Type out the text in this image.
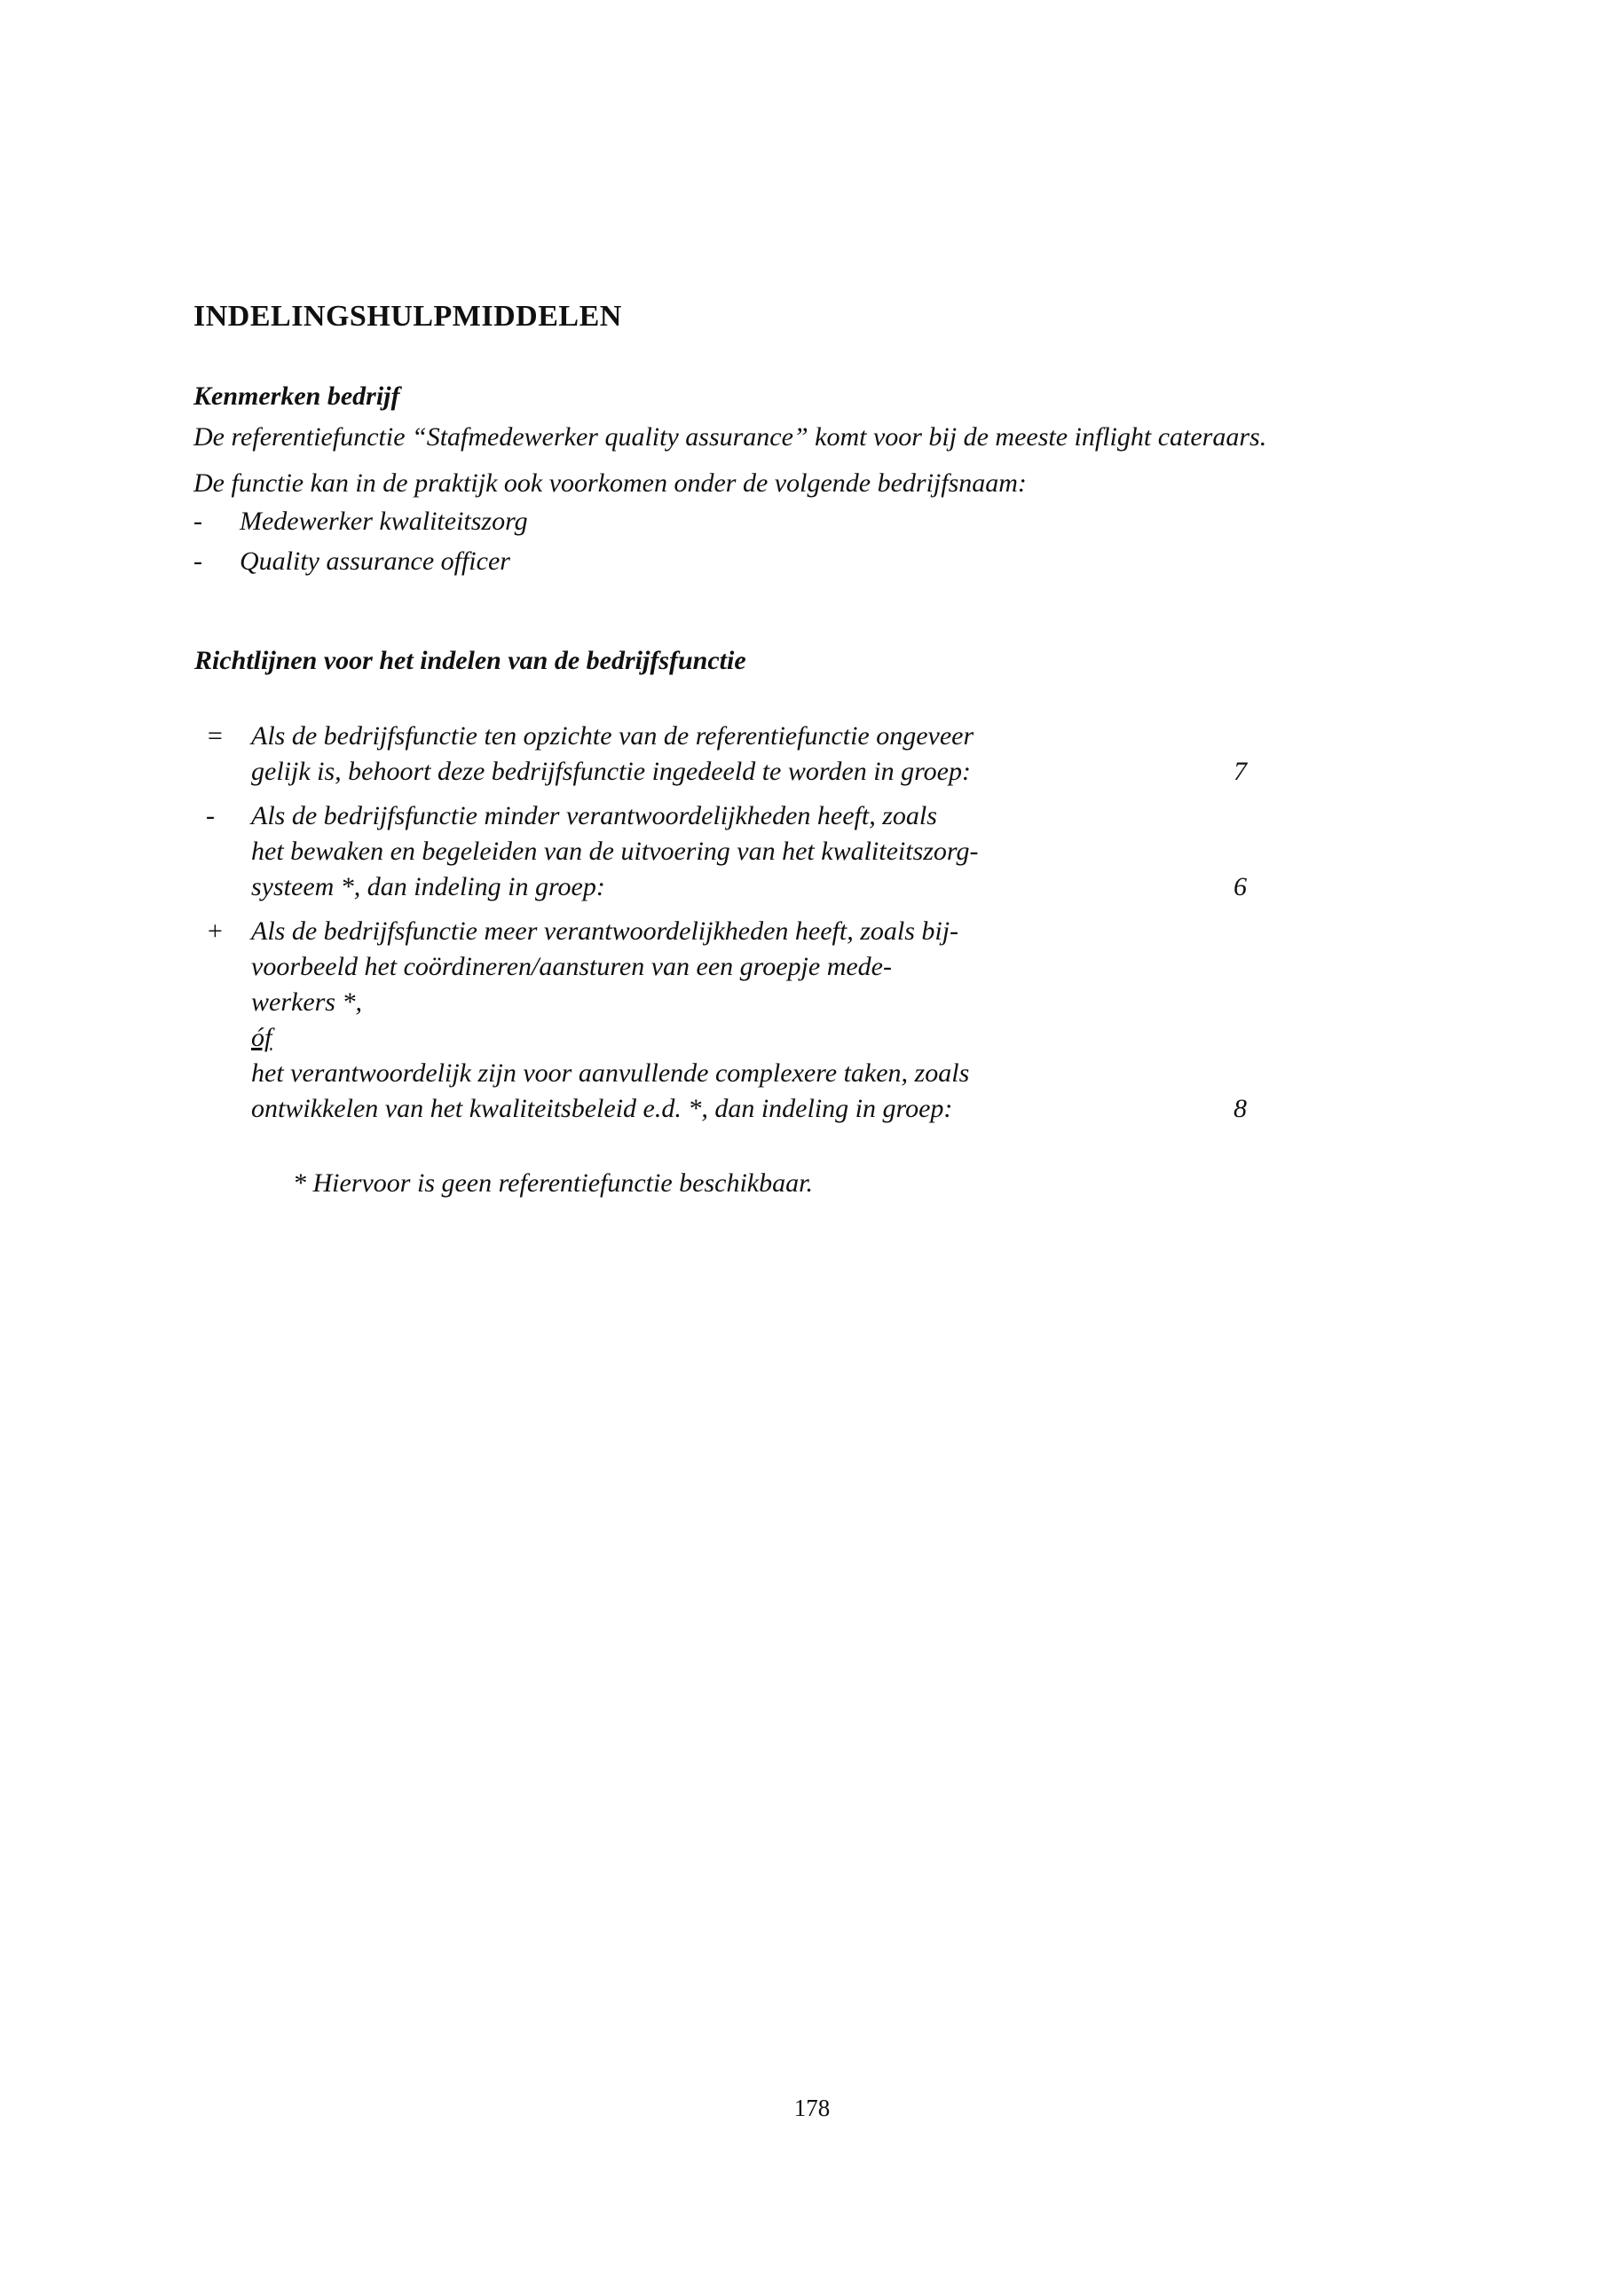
INDELINGSHULPMIDDELEN
Kenmerken bedrijf
De referentiefunctie “Stafmedewerker quality assurance” komt voor bij de meeste inflight cateraars.
De functie kan in de praktijk ook voorkomen onder de volgende bedrijfsnaam:
-	Medewerker kwaliteitszorg
-	Quality assurance officer
Richtlijnen voor het indelen van de bedrijfsfunctie
=	Als de bedrijfsfunctie ten opzichte van de referentiefunctie ongeveer
gelijk is, behoort deze bedrijfsfunctie ingedeeld te worden in groep:	7
-	Als de bedrijfsfunctie minder verantwoordelijkheden heeft, zoals
het bewaken en begeleiden van de uitvoering van het kwaliteitszorg-
systeem *, dan indeling in groep:	6
+	Als de bedrijfsfunctie meer verantwoordelijkheden heeft, zoals bij-
voorbeeld het coördineren/aansturen van een groepje mede-
werkers *,
óf
het verantwoordelijk zijn voor aanvullende complexere taken, zoals
ontwikkelen van het kwaliteitsbeleid e.d. *, dan indeling in groep:	8
* Hiervoor is geen referentiefunctie beschikbaar.
178
